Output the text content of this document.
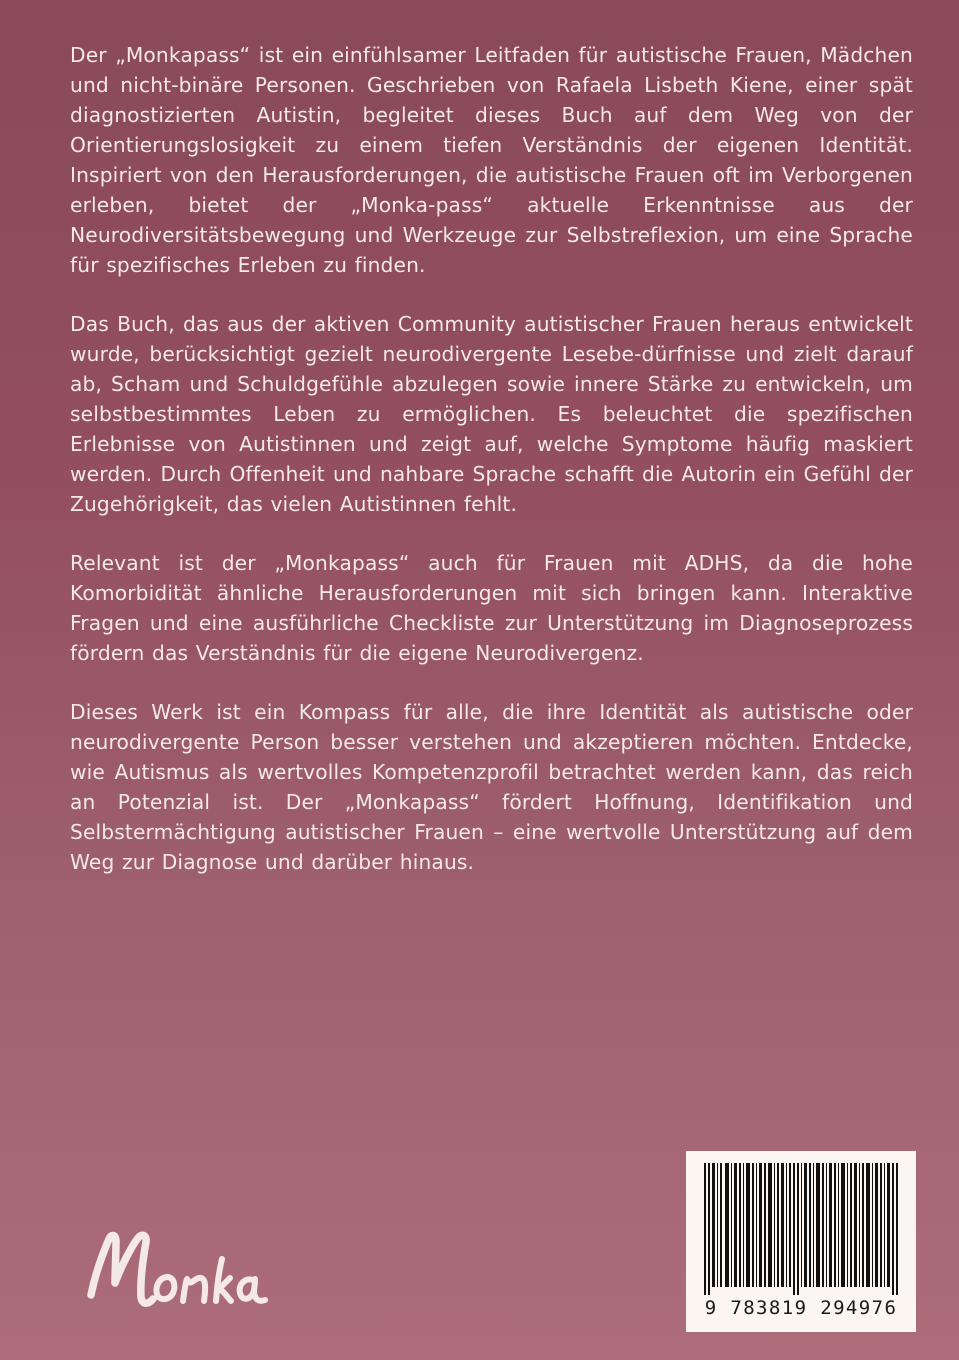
Der „Monkapass“ ist ein einfühlsamer Leitfaden für autistische Frauen, Mädchen und nicht-binäre Personen. Geschrieben von Rafaela Lisbeth Kiene, einer spät diagnostizierten Autistin, begleitet dieses Buch auf dem Weg von der Orientierungslosigkeit zu einem tiefen Verständnis der eigenen Identität. Inspiriert von den Herausforderungen, die autistische Frauen oft im Verborgenen erleben, bietet der „Monka-pass“ aktuelle Erkenntnisse aus der Neurodiversitätsbewegung und Werkzeuge zur Selbstreflexion, um eine Sprache für spezifisches Erleben zu finden.

Das Buch, das aus der aktiven Community autistischer Frauen heraus entwickelt wurde, berücksichtigt gezielt neurodivergente Lesebe-dürfnisse und zielt darauf ab, Scham und Schuldgefühle abzulegen sowie innere Stärke zu entwickeln, um selbstbestimmtes Leben zu ermöglichen. Es beleuchtet die spezifischen Erlebnisse von Autistinnen und zeigt auf, welche Symptome häufig maskiert werden. Durch Offenheit und nahbare Sprache schafft die Autorin ein Gefühl der Zugehörigkeit, das vielen Autistinnen fehlt.

Relevant ist der „Monkapass“ auch für Frauen mit ADHS, da die hohe Komorbidität ähnliche Herausforderungen mit sich bringen kann. Interaktive Fragen und eine ausführliche Checkliste zur Unterstützung im Diagnoseprozess fördern das Verständnis für die eigene Neurodivergenz.

Dieses Werk ist ein Kompass für alle, die ihre Identität als autistische oder neurodivergente Person besser verstehen und akzeptieren möchten. Entdecke, wie Autismus als wertvolles Kompetenzprofil betrachtet werden kann, das reich an Potenzial ist. Der „Monkapass“ fördert Hoffnung, Identifikation und Selbstermächtigung autistischer Frauen – eine wertvolle Unterstützung auf dem Weg zur Diagnose und darüber hinaus.

9 783819 294976
